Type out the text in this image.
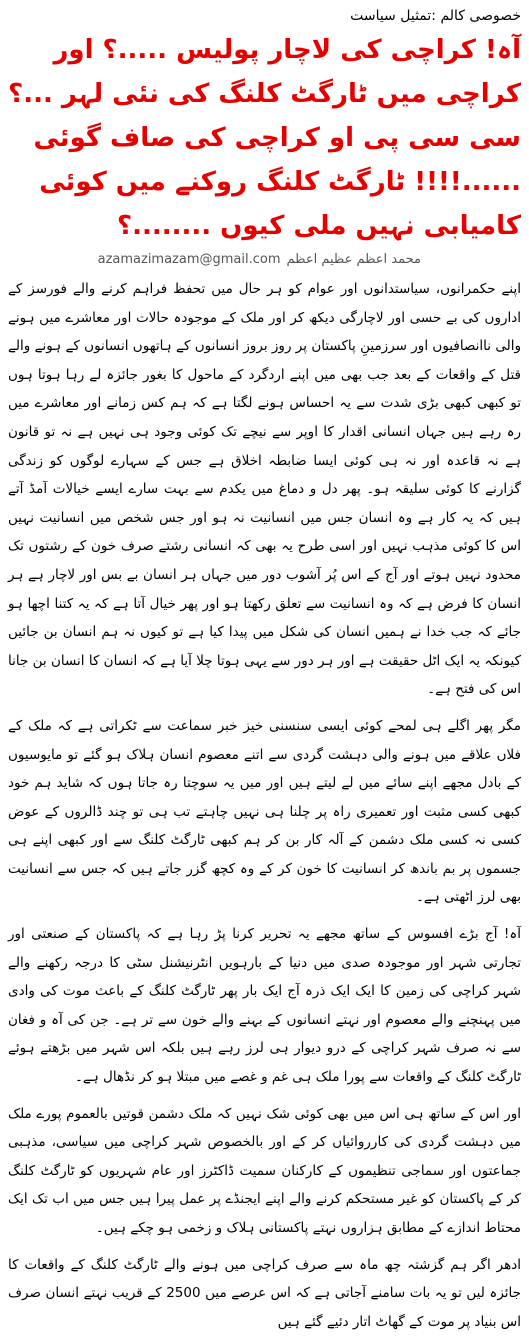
خصوصی کالم :تمثیل سیاست

آہ! کراچی کی لاچار پولیس .....؟ اور کراچی میں ٹارگٹ کلنگ کی نئی لہر ...؟ سی سی پی او کراچی کی صاف گوئی ......!!!! ٹارگٹ کلنگ روکنے میں کوئی کامیابی نہیں ملی کیوں ........؟
محمد اعظم عظیم اعظم
azamazimazam@gmail.com

اپنے حکمرانوں، سیاستدانوں اور عوام کو ہر حال میں تحفظ فراہم کرنے والے فورسز کے اداروں کی بے حسی اور لاچارگی دیکھ کر اور ملک کے موجودہ حالات اور معاشرے میں ہونے والی ناانصافیوں اور سرزمینِ پاکستان پر روز بروز انسانوں کے ہاتھوں انسانوں کے ہونے والے قتل کے واقعات کے بعد جب بھی میں اپنے اردگرد کے ماحول کا بغور جائزہ لے رہا ہوتا ہوں تو کبھی کبھی بڑی شدت سے یہ احساس ہونے لگتا ہے کہ ہم کس زمانے اور معاشرے میں رہ رہے ہیں جہاں انسانی اقدار کا اوپر سے نیچے تک کوئی وجود ہی نہیں ہے نہ تو قانون ہے نہ قاعدہ اور نہ ہی کوئی ایسا ضابطہ اخلاق ہے جس کے سہارے لوگوں کو زندگی گزارنے کا کوئی سلیقہ ہو۔ پھر دل و دماغ میں یکدم سے بہت سارے ایسے خیالات آمڈ آتے ہیں کہ یہ کار ہے وہ انسان جس میں انسانیت نہ ہو اور جس شخص میں انسانیت نہیں اس کا کوئی مذہب نہیں اور اسی طرح یہ بھی کہ انسانی رشتے صرف خون کے رشتوں تک محدود نہیں ہوتے اور آج کے اس پُر آشوب دور میں جہاں ہر انسان بے بس اور لاچار ہے ہر انسان کا فرض ہے کہ وہ انسانیت سے تعلق رکھتا ہو اور پھر خیال آتا ہے کہ یہ کتنا اچھا ہو جائے کہ جب خدا نے ہمیں انسان کی شکل میں پیدا کیا ہے تو کیوں نہ ہم انسان بن جائیں کیونکہ یہ ایک اٹل حقیقت ہے اور ہر دور سے یہی ہوتا چلا آیا ہے کہ انسان کا انسان بن جانا اس کی فتح ہے۔

مگر پھر اگلے ہی لمحے کوئی ایسی سنسنی خیز خبر سماعت سے ٹکراتی ہے کہ ملک کے فلاں علاقے میں ہونے والی دہشت گردی سے اتنے معصوم انسان ہلاک ہو گئے تو مایوسیوں کے بادل مجھے اپنے سائے میں لے لیتے ہیں اور میں یہ سوچتا رہ جاتا ہوں کہ شاید ہم خود کبھی کسی مثبت اور تعمیری راہ پر چلنا ہی نہیں چاہتے تب ہی تو چند ڈالروں کے عوض کسی نہ کسی ملک دشمن کے آلہ کار بن کر ہم کبھی ٹارگٹ کلنگ سے اور کبھی اپنے ہی جسموں پر بم باندھ کر انسانیت کا خون کر کے وہ کچھ گزر جاتے ہیں کہ جس سے انسانیت بھی لرز اٹھتی ہے۔

آہ! آج بڑے افسوس کے ساتھ مجھے یہ تحریر کرنا پڑ رہا ہے کہ پاکستان کے صنعتی اور تجارتی شہر اور موجودہ صدی میں دنیا کے بارہویں انٹرنیشنل سٹی کا درجہ رکھنے والے شہر کراچی کی زمین کا ایک ایک ذرہ آج ایک بار پھر ٹارگٹ کلنگ کے باعث موت کی وادی میں پہنچنے والے معصوم اور نہتے انسانوں کے بہنے والے خون سے تر ہے۔ جن کی آہ و فغان سے نہ صرف شہر کراچی کے درو دیوار ہی لرز رہے ہیں بلکہ اس شہر میں بڑھتے ہوئے ٹارگٹ کلنگ کے واقعات سے پورا ملک ہی غم و غصے میں مبتلا ہو کر نڈھال ہے۔

اور اس کے ساتھ ہی اس میں بھی کوئی شک نہیں کہ ملک دشمن قوتیں بالعموم پورے ملک میں دہشت گردی کی کارروائیاں کر کے اور بالخصوص شہر کراچی میں سیاسی، مذہبی جماعتوں اور سماجی تنظیموں کے کارکنان سمیت ڈاکٹرز اور عام شہریوں کو ٹارگٹ کلنگ کر کے پاکستان کو غیر مستحکم کرنے والے اپنے ایجنڈے پر عمل پیرا ہیں جس میں اب تک ایک محتاط اندازے کے مطابق ہزاروں نہتے پاکستانی ہلاک و زخمی ہو چکے ہیں۔

ادھر اگر ہم گزشتہ چھ ماہ سے صرف کراچی میں ہونے والے ٹارگٹ کلنگ کے واقعات کا جائزہ لیں تو یہ بات سامنے آجاتی ہے کہ اس عرصے میں 2500 کے قریب نہتے انسان صرف اس بنیاد پر موت کے گھاٹ اتار دئیے گئے ہیں
